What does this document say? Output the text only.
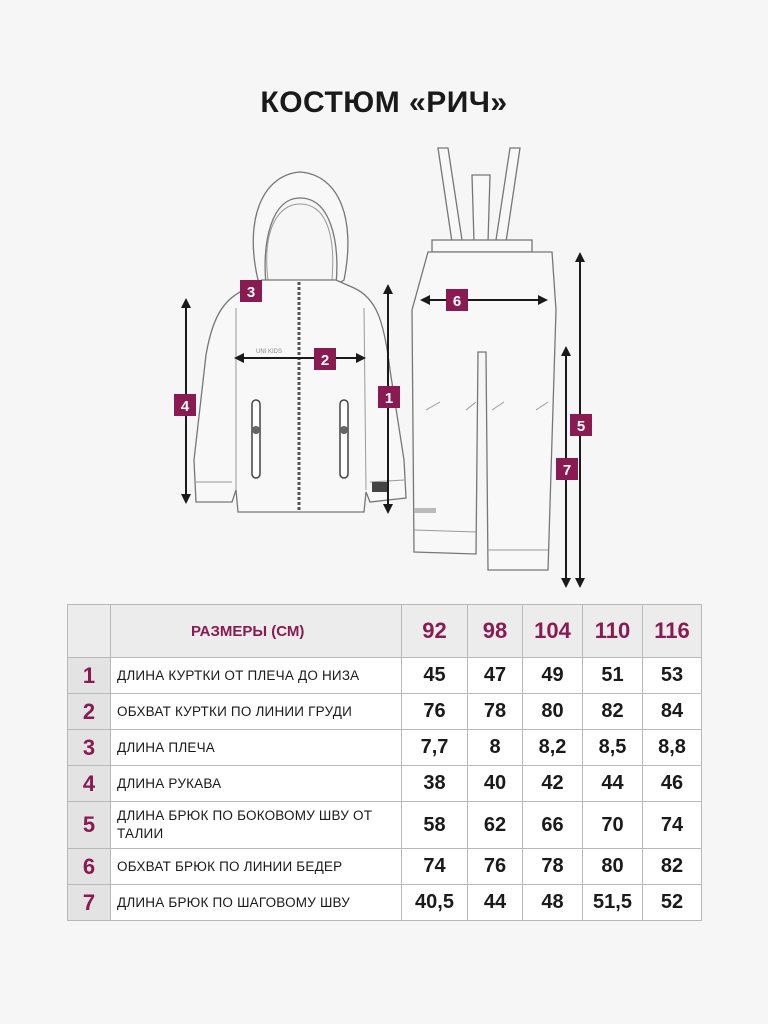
КОСТЮМ «РИЧ»
UNI KIDS
3
2
4	1
6
5
7
	РАЗМЕРЫ (СМ)	92	98	104	110	116
1	ДЛИНА КУРТКИ ОТ ПЛЕЧА ДО НИЗА	45	47	49	51	53
2	ОБХВАТ КУРТКИ ПО ЛИНИИ ГРУДИ	76	78	80	82	84
3	ДЛИНА ПЛЕЧА	7,7	8	8,2	8,5	8,8
4	ДЛИНА РУКАВА	38	40	42	44	46
5	ДЛИНА БРЮК ПО БОКОВОМУ ШВУ ОТ ТАЛИИ	58	62	66	70	74
6	ОБХВАТ БРЮК ПО ЛИНИИ БЕДЕР	74	76	78	80	82
7	ДЛИНА БРЮК ПО ШАГОВОМУ ШВУ	40,5	44	48	51,5	52
